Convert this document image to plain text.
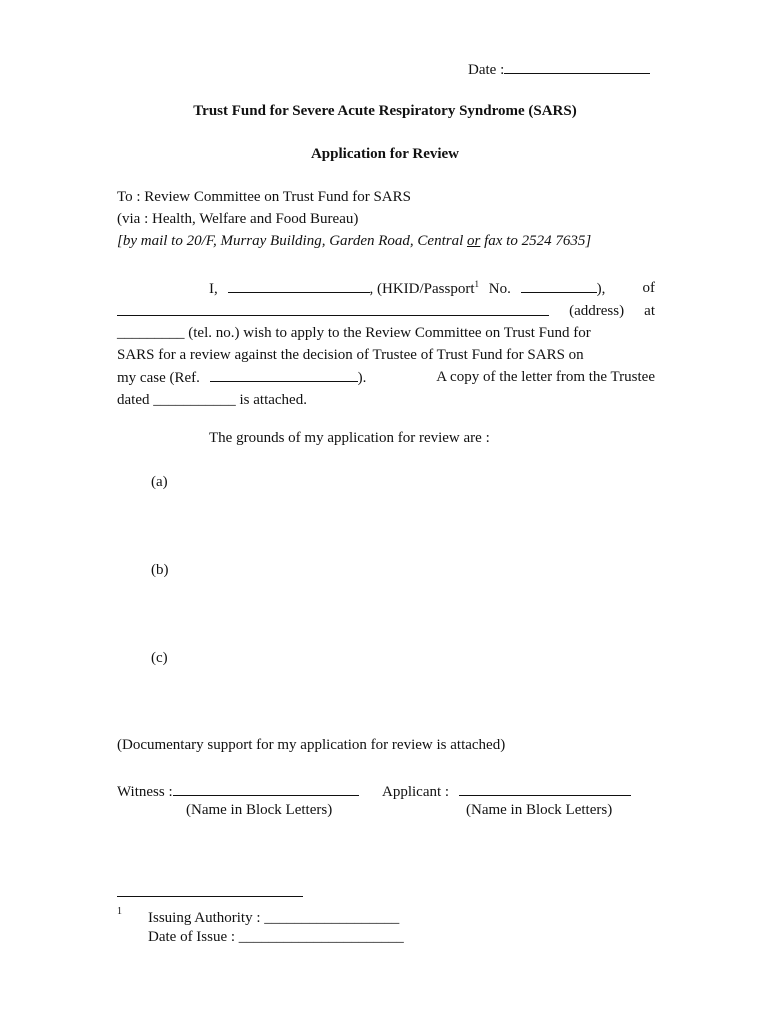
Date :
Trust Fund for Severe Acute Respiratory Syndrome (SARS)
Application for Review
To : Review Committee on Trust Fund for SARS
(via : Health, Welfare and Food Bureau)
[by mail to 20/F, Murray Building, Garden Road, Central or fax to 2524 7635]
I,	, (HKID/Passport$^1$ No.	), of
(address) at
_________ (tel. no.) wish to apply to the Review Committee on Trust Fund for
SARS for a review against the decision of Trustee of Trust Fund for SARS on
my case (Ref.	).	A copy of the letter from the Trustee
dated ___________ is attached.
The grounds of my application for review are :
(a)
(b)
(c)
(Documentary support for my application for review is attached)
Witness :	Applicant :
(Name in Block Letters)	(Name in Block Letters)
1 Issuing Authority : __________________
Date of Issue : ______________________
